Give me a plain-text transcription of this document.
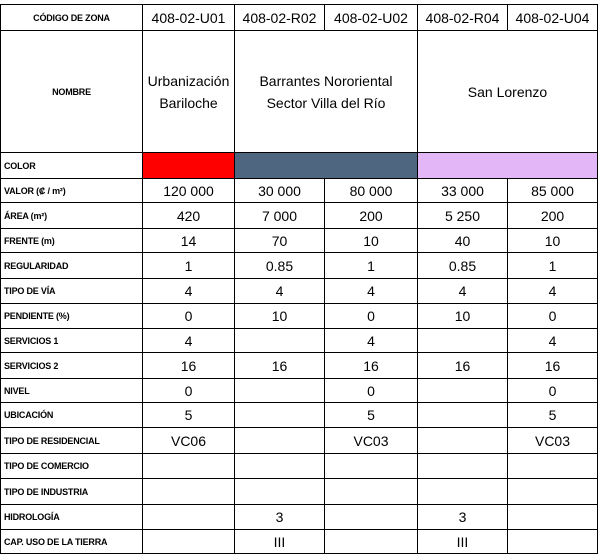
CÓDIGO DE ZONA	408-02-U01	408-02-R02	408-02-U02	408-02-R04	408-02-U04
NOMBRE	Urbanización Bariloche	Barrantes Nororiental Sector Villa del Río		San Lorenzo	
COLOR					
VALOR (₡ / m²)	120 000	30 000	80 000	33 000	85 000
ÁREA (m²)	420	7 000	200	5 250	200
FRENTE (m)	14	70	10	40	10
REGULARIDAD	1	0.85	1	0.85	1
TIPO DE VÍA	4	4	4	4	4
PENDIENTE (%)	0	10	0	10	0
SERVICIOS 1	4		4		4
SERVICIOS 2	16	16	16	16	16
NIVEL	0		0		0
UBICACIÓN	5		5		5
TIPO DE RESIDENCIAL	VC06		VC03		VC03
TIPO DE COMERCIO					
TIPO DE INDUSTRIA					
HIDROLOGÍA		3		3	
CAP. USO DE LA TIERRA		III		III	
